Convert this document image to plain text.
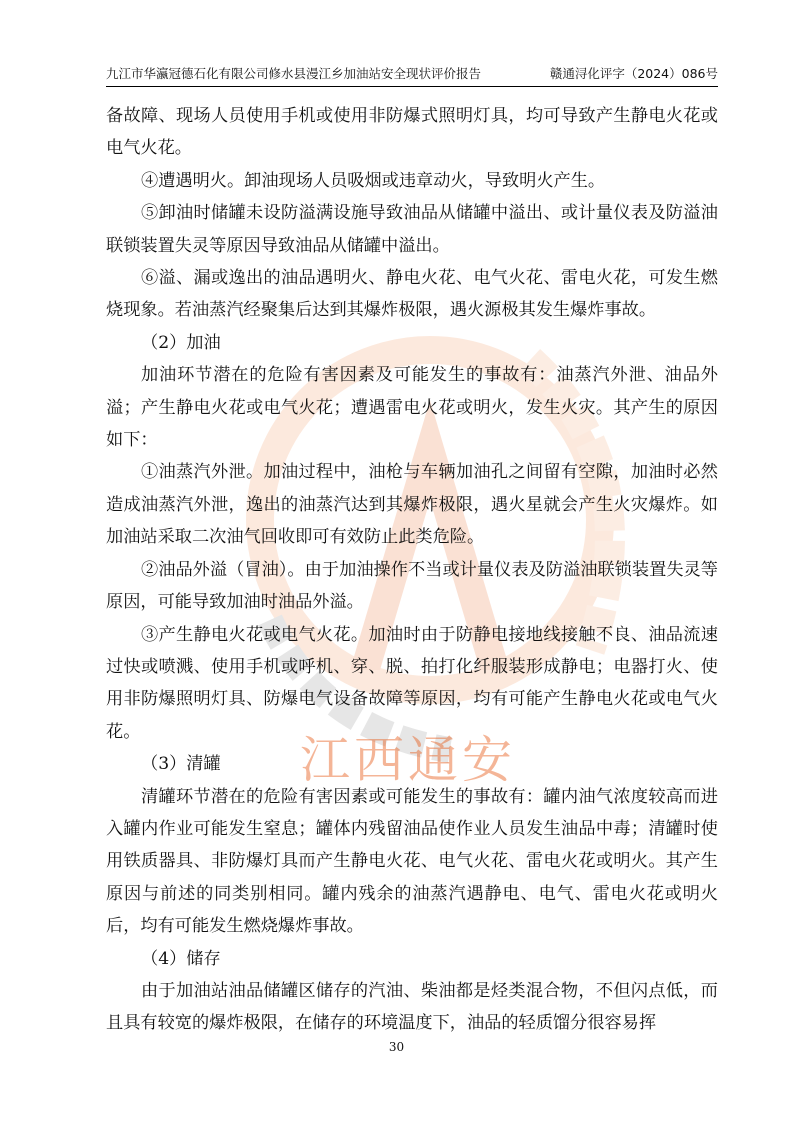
九江市华瀛冠德石化有限公司修水县漫江乡加油站安全现状评价报告	赣通浔化评字（2024）086号
江西通安

备故障、现场人员使用手机或使用非防爆式照明灯具，均可导致产生静电火花或电气火花。

④遭遇明火。卸油现场人员吸烟或违章动火，导致明火产生。

⑤卸油时储罐未设防溢满设施导致油品从储罐中溢出、或计量仪表及防溢油联锁装置失灵等原因导致油品从储罐中溢出。

⑥溢、漏或逸出的油品遇明火、静电火花、电气火花、雷电火花，可发生燃烧现象。若油蒸汽经聚集后达到其爆炸极限，遇火源极其发生爆炸事故。

（2）加油

加油环节潜在的危险有害因素及可能发生的事故有：油蒸汽外泄、油品外溢；产生静电火花或电气火花；遭遇雷电火花或明火，发生火灾。其产生的原因如下：

①油蒸汽外泄。加油过程中，油枪与车辆加油孔之间留有空隙，加油时必然造成油蒸汽外泄，逸出的油蒸汽达到其爆炸极限，遇火星就会产生火灾爆炸。如加油站采取二次油气回收即可有效防止此类危险。

②油品外溢（冒油）。由于加油操作不当或计量仪表及防溢油联锁装置失灵等原因，可能导致加油时油品外溢。

③产生静电火花或电气火花。加油时由于防静电接地线接触不良、油品流速过快或喷溅、使用手机或呼机、穿、脱、拍打化纤服装形成静电；电器打火、使用非防爆照明灯具、防爆电气设备故障等原因，均有可能产生静电火花或电气火花。

（3）清罐

清罐环节潜在的危险有害因素或可能发生的事故有：罐内油气浓度较高而进入罐内作业可能发生窒息；罐体内残留油品使作业人员发生油品中毒；清罐时使用铁质器具、非防爆灯具而产生静电火花、电气火花、雷电火花或明火。其产生原因与前述的同类别相同。罐内残余的油蒸汽遇静电、电气、雷电火花或明火后，均有可能发生燃烧爆炸事故。

（4）储存

由于加油站油品储罐区储存的汽油、柴油都是烃类混合物，不但闪点低，而且具有较宽的爆炸极限，在储存的环境温度下，油品的轻质馏分很容易挥

30
